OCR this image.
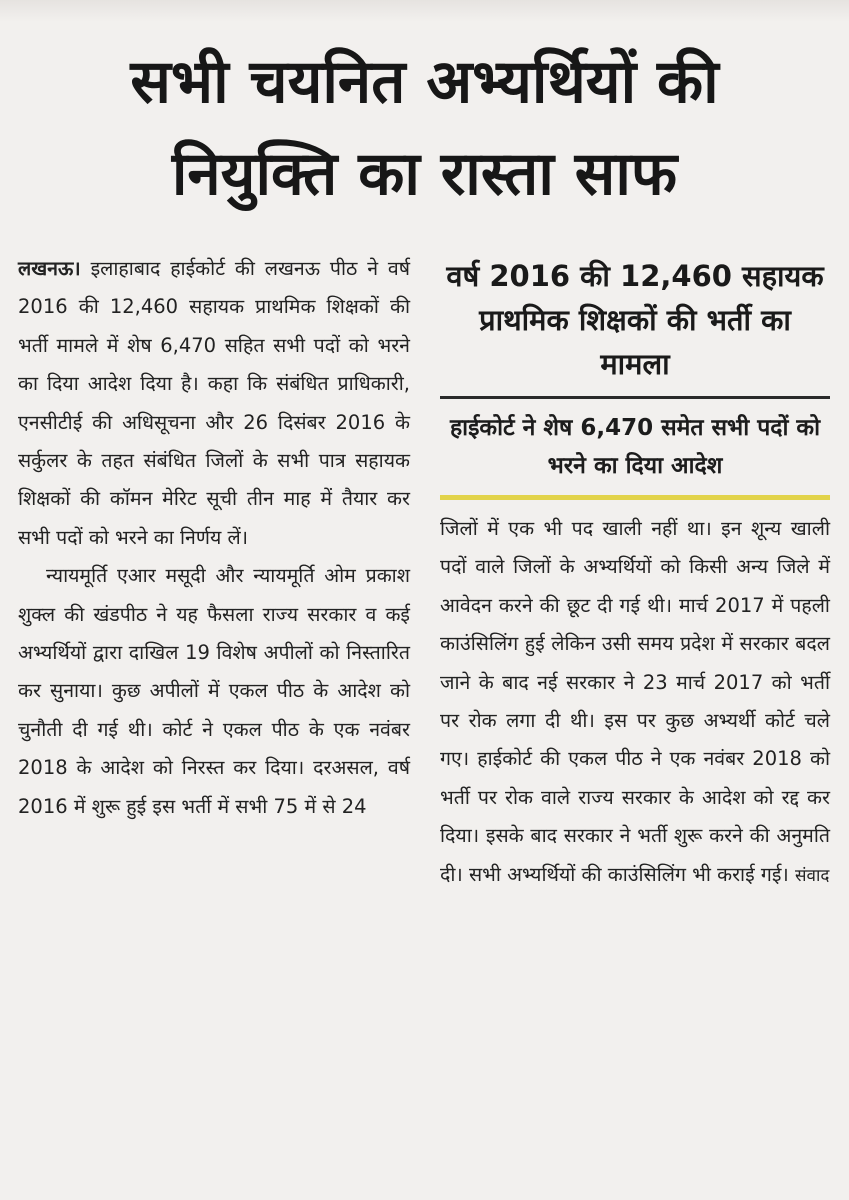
सभी चयनित अभ्यर्थियों की
नियुक्ति का रास्ता साफ

लखनऊ। इलाहाबाद हाईकोर्ट की लखनऊ पीठ ने वर्ष 2016 की 12,460 सहायक प्राथमिक शिक्षकों की भर्ती मामले में शेष 6,470 सहित सभी पदों को भरने का दिया आदेश दिया है। कहा कि संबंधित प्राधिकारी, एनसीटीई की अधिसूचना और 26 दिसंबर 2016 के सर्कुलर के तहत संबंधित जिलों के सभी पात्र सहायक शिक्षकों की कॉमन मेरिट सूची तीन माह में तैयार कर सभी पदों को भरने का निर्णय लें।

न्यायमूर्ति एआर मसूदी और न्यायमूर्ति ओम प्रकाश शुक्ल की खंडपीठ ने यह फैसला राज्य सरकार व कई अभ्यर्थियों द्वारा दाखिल 19 विशेष अपीलों को निस्तारित कर सुनाया। कुछ अपीलों में एकल पीठ के आदेश को चुनौती दी गई थी। कोर्ट ने एकल पीठ के एक नवंबर 2018 के आदेश को निरस्त कर दिया। दरअसल, वर्ष 2016 में शुरू हुई इस भर्ती में सभी 75 में से 24

वर्ष 2016 की 12,460 सहायक प्राथमिक शिक्षकों की भर्ती का मामला
हाईकोर्ट ने शेष 6,470 समेत सभी पदों को भरने का दिया आदेश

जिलों में एक भी पद खाली नहीं था। इन शून्य खाली पदों वाले जिलों के अभ्यर्थियों को किसी अन्य जिले में आवेदन करने की छूट दी गई थी। मार्च 2017 में पहली काउंसिलिंग हुई लेकिन उसी समय प्रदेश में सरकार बदल जाने के बाद नई सरकार ने 23 मार्च 2017 को भर्ती पर रोक लगा दी थी। इस पर कुछ अभ्यर्थी कोर्ट चले गए। हाईकोर्ट की एकल पीठ ने एक नवंबर 2018 को भर्ती पर रोक वाले राज्य सरकार के आदेश को रद्द कर दिया। इसके बाद सरकार ने भर्ती शुरू करने की अनुमति दी। सभी अभ्यर्थियों की काउंसिलिंग भी कराई गई। संवाद
